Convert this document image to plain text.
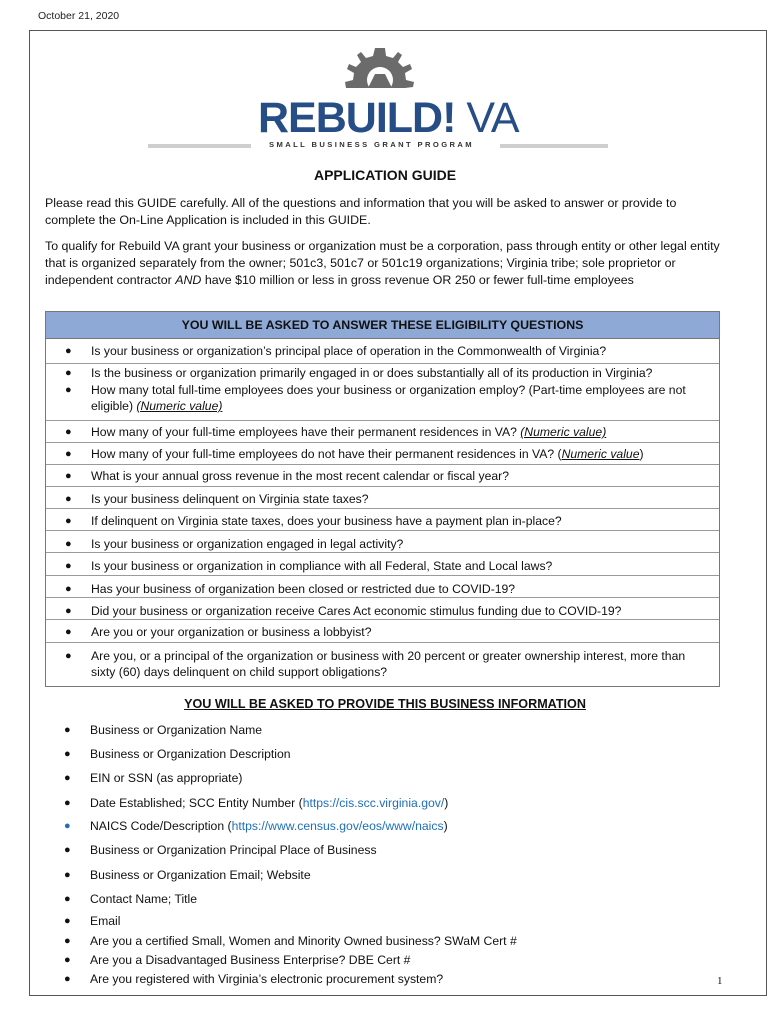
October 21, 2020
REBUILD! VA
SMALL BUSINESS GRANT PROGRAM
APPLICATION GUIDE
Please read this GUIDE carefully. All of the questions and information that you will be asked to answer or provide to complete the On-Line Application is included in this GUIDE.
To qualify for Rebuild VA grant your business or organization must be a corporation, pass through entity or other legal entity that is organized separately from the owner; 501c3, 501c7 or 501c19 organizations; Virginia tribe; sole proprietor or independent contractor AND have $10 million or less in gross revenue OR 250 or fewer full-time employees
YOU WILL BE ASKED TO ANSWER THESE ELIGIBILITY QUESTIONS
● Is your business or organization’s principal place of operation in the Commonwealth of Virginia?
● Is the business or organization primarily engaged in or does substantially all of its production in Virginia?
● How many total full-time employees does your business or organization employ? (Part-time employees are not eligible) (Numeric value)
● How many of your full-time employees have their permanent residences in VA? (Numeric value)
● How many of your full-time employees do not have their permanent residences in VA? (Numeric value)
● What is your annual gross revenue in the most recent calendar or fiscal year?
● Is your business delinquent on Virginia state taxes?
● If delinquent on Virginia state taxes, does your business have a payment plan in-place?
● Is your business or organization engaged in legal activity?
● Is your business or organization in compliance with all Federal, State and Local laws?
● Has your business of organization been closed or restricted due to COVID-19?
● Did your business or organization receive Cares Act economic stimulus funding due to COVID-19?
● Are you or your organization or business a lobbyist?
● Are you, or a principal of the organization or business with 20 percent or greater ownership interest, more than sixty (60) days delinquent on child support obligations?
YOU WILL BE ASKED TO PROVIDE THIS BUSINESS INFORMATION
● Business or Organization Name
● Business or Organization Description
● EIN or SSN (as appropriate)
● Date Established; SCC Entity Number (https://cis.scc.virginia.gov/)
● NAICS Code/Description (https://www.census.gov/eos/www/naics)
● Business or Organization Principal Place of Business
● Business or Organization Email; Website
● Contact Name; Title
● Email
● Are you a certified Small, Women and Minority Owned business? SWaM Cert #
● Are you a Disadvantaged Business Enterprise? DBE Cert #
● Are you registered with Virginia’s electronic procurement system?	1
